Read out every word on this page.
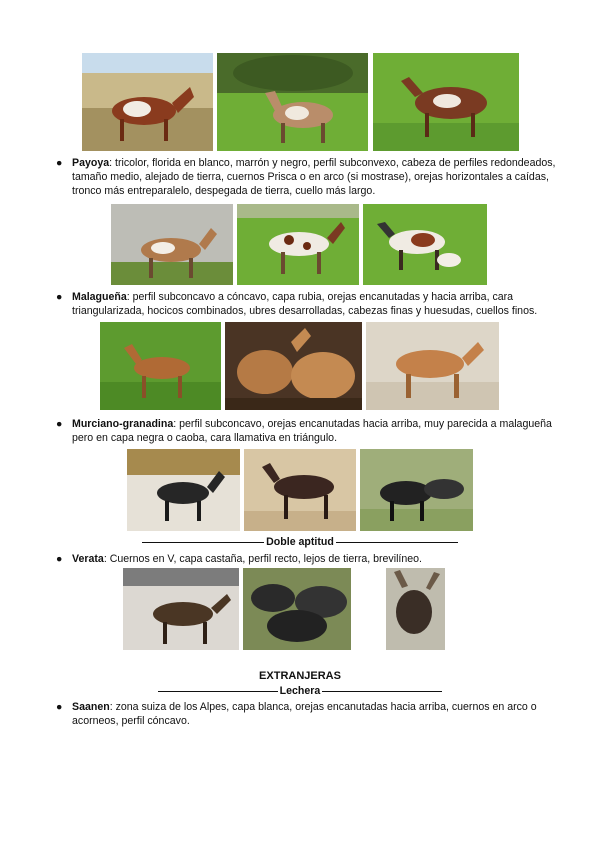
● Payoya: tricolor, florida en blanco, marrón y negro, perfil subconvexo, cabeza de perfiles redondeados, tamaño medio, alejado de tierra, cuernos Prisca o en arco (si mostrase), orejas horizontales a caídas, tronco más entreparalelo, despegada de tierra, cuello más largo.
● Malagueña: perfil subconcavo a cóncavo, capa rubia, orejas encanutadas y hacia arriba, cara triangularizada, hocicos combinados, ubres desarrolladas, cabezas finas y huesudas, cuellos finos.
● Murciano-granadina: perfil subconcavo, orejas encanutadas hacia arriba, muy parecida a malagueña pero en capa negra o caoba, cara llamativa en triángulo.
Doble aptitud
● Verata: Cuernos en V, capa castaña, perfil recto, lejos de tierra, brevilíneo.
EXTRANJERAS
Lechera
● Saanen: zona suiza de los Alpes, capa blanca, orejas encanutadas hacia arriba, cuernos en arco o acorneos, perfil cóncavo.
